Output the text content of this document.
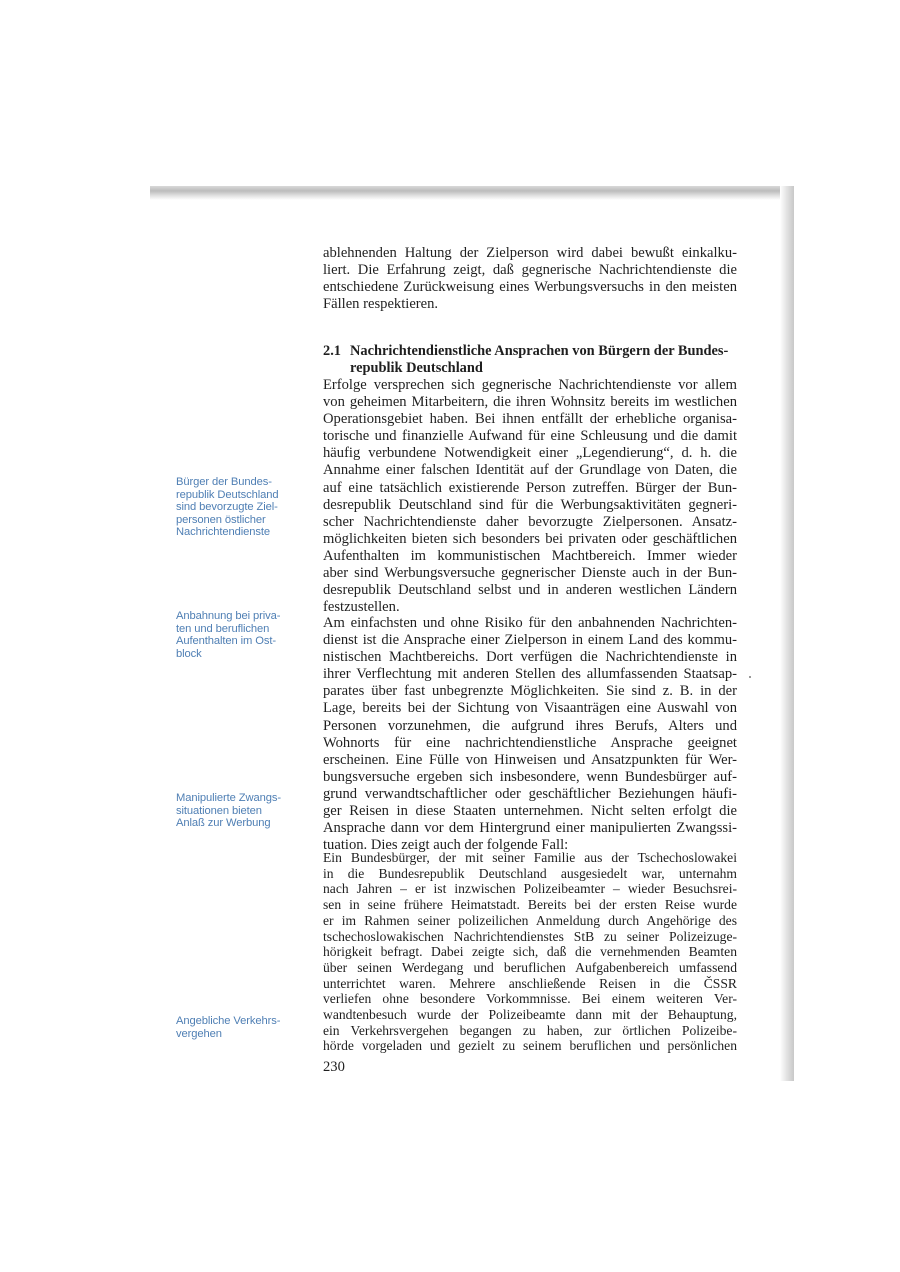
ablehnenden Haltung der Zielperson wird dabei bewußt einkalku-
liert. Die Erfahrung zeigt, daß gegnerische Nachrichtendienste die
entschiedene Zurückweisung eines Werbungsversuchs in den meisten
Fällen respektieren.
2.1 Nachrichtendienstliche Ansprachen von Bürgern der Bundes-
republik Deutschland
Erfolge versprechen sich gegnerische Nachrichtendienste vor allem
von geheimen Mitarbeitern, die ihren Wohnsitz bereits im westlichen
Operationsgebiet haben. Bei ihnen entfällt der erhebliche organisa-
torische und finanzielle Aufwand für eine Schleusung und die damit
häufig verbundene Notwendigkeit einer „Legendierung“, d. h. die
Annahme einer falschen Identität auf der Grundlage von Daten, die
auf eine tatsächlich existierende Person zutreffen. Bürger der Bun-
desrepublik Deutschland sind für die Werbungsaktivitäten gegneri-
scher Nachrichtendienste daher bevorzugte Zielpersonen. Ansatz-
möglichkeiten bieten sich besonders bei privaten oder geschäftlichen
Aufenthalten im kommunistischen Machtbereich. Immer wieder
aber sind Werbungsversuche gegnerischer Dienste auch in der Bun-
desrepublik Deutschland selbst und in anderen westlichen Ländern
festzustellen.
Am einfachsten und ohne Risiko für den anbahnenden Nachrichten-
dienst ist die Ansprache einer Zielperson in einem Land des kommu-
nistischen Machtbereichs. Dort verfügen die Nachrichtendienste in
ihrer Verflechtung mit anderen Stellen des allumfassenden Staatsap-
parates über fast unbegrenzte Möglichkeiten. Sie sind z. B. in der
Lage, bereits bei der Sichtung von Visaanträgen eine Auswahl von
Personen vorzunehmen, die aufgrund ihres Berufs, Alters und
Wohnorts für eine nachrichtendienstliche Ansprache geeignet
erscheinen. Eine Fülle von Hinweisen und Ansatzpunkten für Wer-
bungsversuche ergeben sich insbesondere, wenn Bundesbürger auf-
grund verwandtschaftlicher oder geschäftlicher Beziehungen häufi-
ger Reisen in diese Staaten unternehmen. Nicht selten erfolgt die
Ansprache dann vor dem Hintergrund einer manipulierten Zwangssi-
tuation. Dies zeigt auch der folgende Fall:
Ein Bundesbürger, der mit seiner Familie aus der Tschechoslowakei
in die Bundesrepublik Deutschland ausgesiedelt war, unternahm
nach Jahren – er ist inzwischen Polizeibeamter – wieder Besuchsrei-
sen in seine frühere Heimatstadt. Bereits bei der ersten Reise wurde
er im Rahmen seiner polizeilichen Anmeldung durch Angehörige des
tschechoslowakischen Nachrichtendienstes StB zu seiner Polizeizuge-
hörigkeit befragt. Dabei zeigte sich, daß die vernehmenden Beamten
über seinen Werdegang und beruflichen Aufgabenbereich umfassend
unterrichtet waren. Mehrere anschließende Reisen in die ČSSR
verliefen ohne besondere Vorkommnisse. Bei einem weiteren Ver-
wandtenbesuch wurde der Polizeibeamte dann mit der Behauptung,
ein Verkehrsvergehen begangen zu haben, zur örtlichen Polizeibe-
hörde vorgeladen und gezielt zu seinem beruflichen und persönlichen
Bürger der Bundes-
republik Deutschland
sind bevorzugte Ziel-
personen östlicher
Nachrichtendienste
Anbahnung bei priva-
ten und beruflichen
Aufenthalten im Ost-
block
Manipulierte Zwangs-
situationen bieten
Anlaß zur Werbung
Angebliche Verkehrs-
vergehen
230
